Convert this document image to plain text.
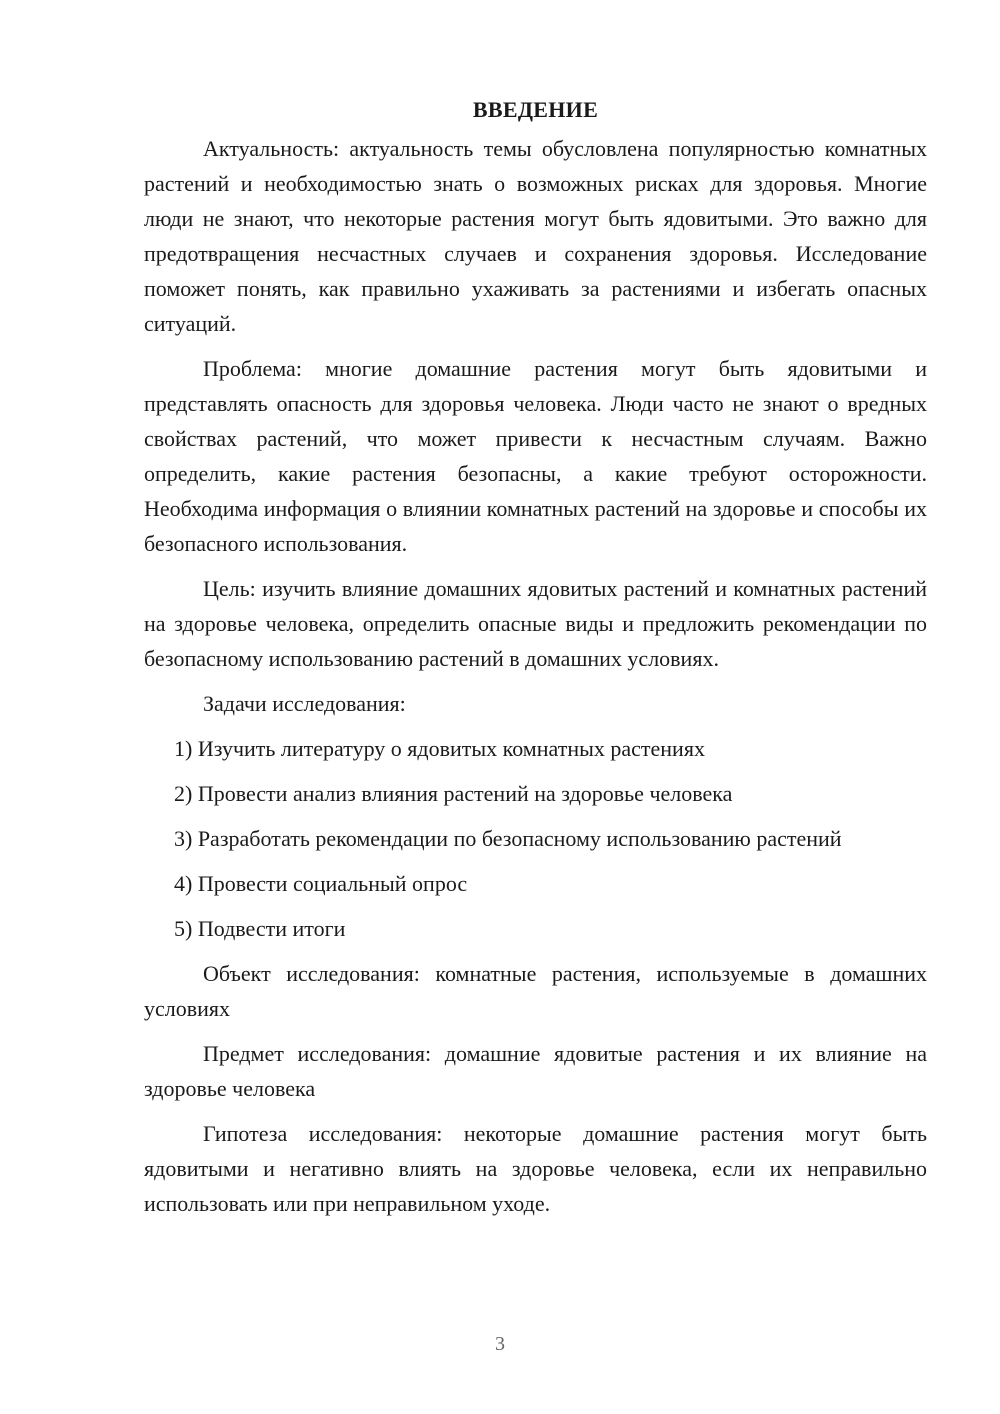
ВВЕДЕНИЕ

Актуальность: актуальность темы обусловлена популярностью комнатных растений и необходимостью знать о возможных рисках для здоровья. Многие люди не знают, что некоторые растения могут быть ядовитыми. Это важно для предотвращения несчастных случаев и сохранения здоровья. Исследование поможет понять, как правильно ухаживать за растениями и избегать опасных ситуаций.

Проблема: многие домашние растения могут быть ядовитыми и представлять опасность для здоровья человека. Люди часто не знают о вредных свойствах растений, что может привести к несчастным случаям. Важно определить, какие растения безопасны, а какие требуют осторожности. Необходима информация о влиянии комнатных растений на здоровье и способы их безопасного использования.

Цель: изучить влияние домашних ядовитых растений и комнатных растений на здоровье человека, определить опасные виды и предложить рекомендации по безопасному использованию растений в домашних условиях.

Задачи исследования:

1) Изучить литературу о ядовитых комнатных растениях

2) Провести анализ влияния растений на здоровье человека

3) Разработать рекомендации по безопасному использованию растений

4) Провести социальный опрос

5) Подвести итоги

Объект исследования: комнатные растения, используемые в домашних условиях

Предмет исследования: домашние ядовитые растения и их влияние на здоровье человека

Гипотеза исследования: некоторые домашние растения могут быть ядовитыми и негативно влиять на здоровье человека, если их неправильно использовать или при неправильном уходе.

3
